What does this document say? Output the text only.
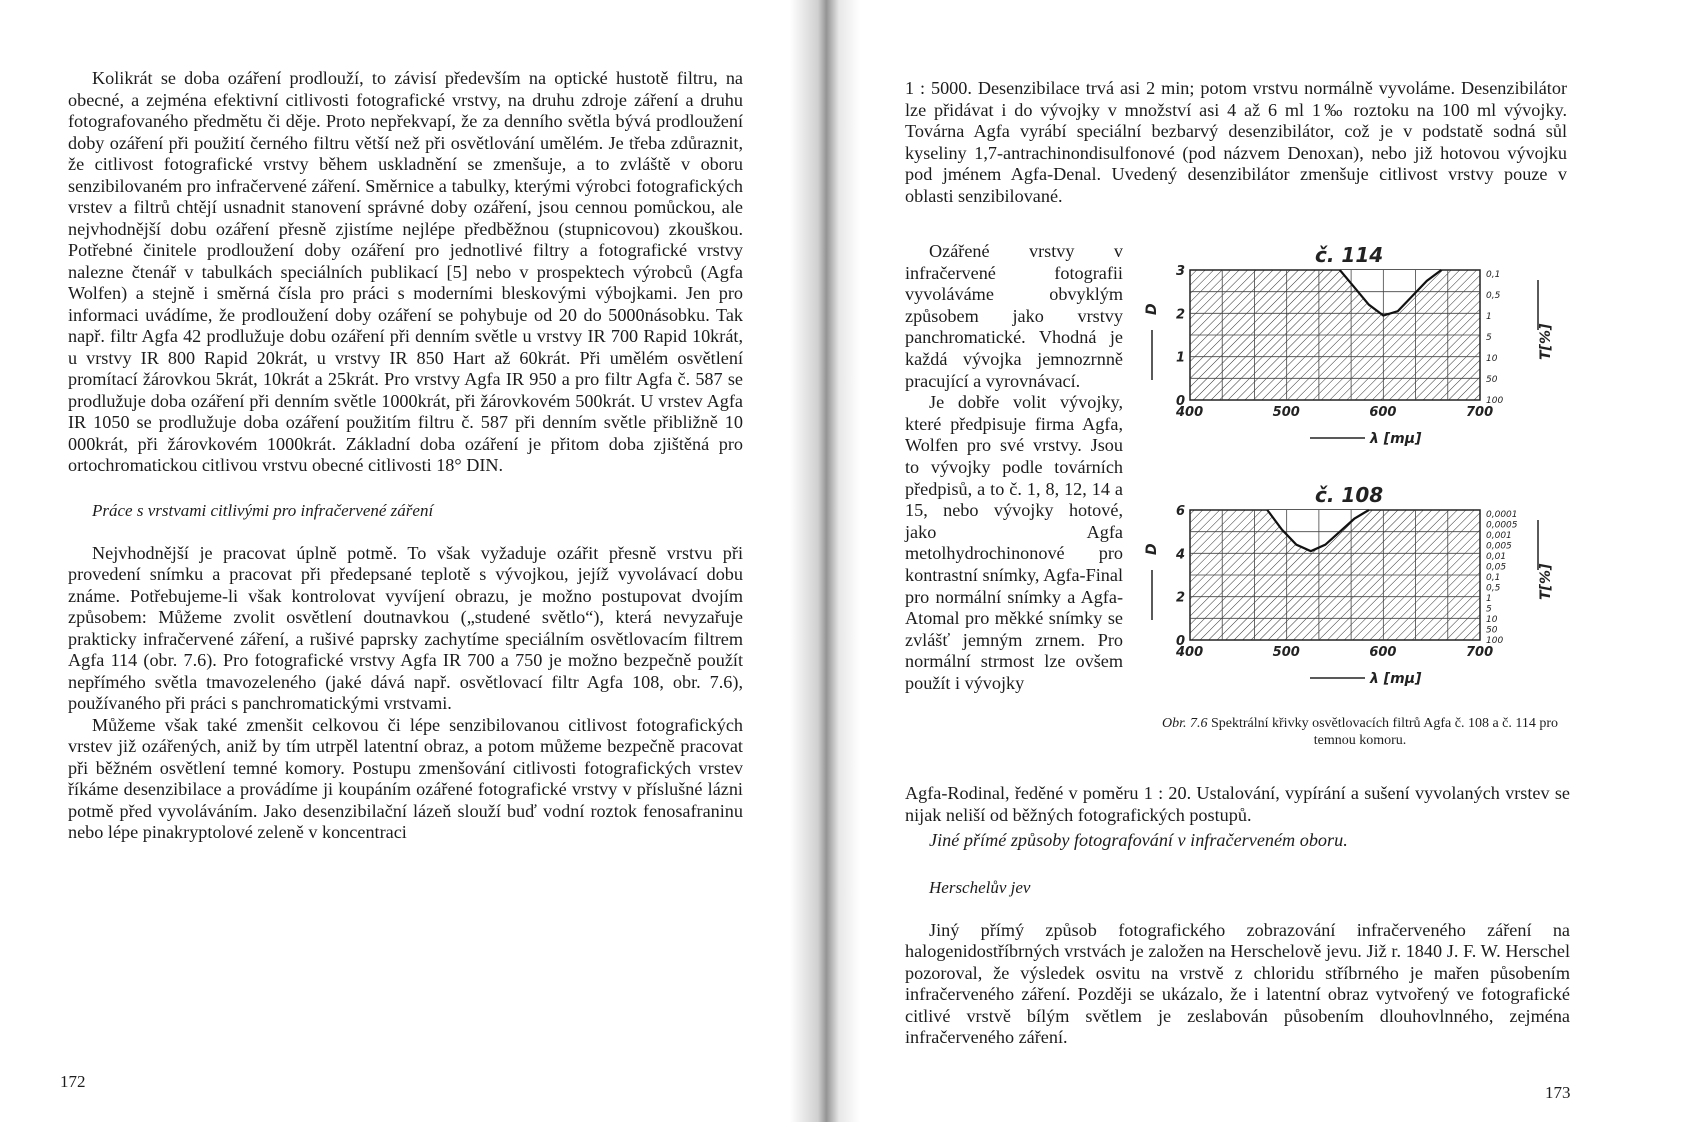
Kolikrát se doba ozáření prodlouží, to závisí především na optické hustotě filtru, na obecné, a zejména efektivní citlivosti fotografické vrstvy, na druhu zdroje záření a druhu fotografovaného předmětu či děje. Proto nepřekvapí, že za denního světla bývá prodloužení doby ozáření při použití černého filtru větší než při osvětlování umělém. Je třeba zdůraznit, že citlivost fotografické vrstvy během uskladnění se zmenšuje, a to zvláště v oboru senzibilovaném pro infračervené záření. Směrnice a tabulky, kterými výrobci fotografických vrstev a filtrů chtějí usnadnit stanovení správné doby ozáření, jsou cennou pomůckou, ale nejvhodnější dobu ozáření přesně zjistíme nejlépe předběžnou (stupnicovou) zkouškou. Potřebné činitele prodloužení doby ozáření pro jednotlivé filtry a fotografické vrstvy nalezne čtenář v tabulkách speciálních publikací [5] nebo v prospektech výrobců (Agfa Wolfen) a stejně i směrná čísla pro práci s moderními bleskovými výbojkami. Jen pro informaci uvádíme, že prodloužení doby ozáření se pohybuje od 20 do 5000násobku. Tak např. filtr Agfa 42 prodlužuje dobu ozáření při denním světle u vrstvy IR 700 Rapid 10krát, u vrstvy IR 800 Rapid 20krát, u vrstvy IR 850 Hart až 60krát. Při umělém osvětlení promítací žárovkou 5krát, 10krát a 25krát. Pro vrstvy Agfa IR 950 a pro filtr Agfa č. 587 se prodlužuje doba ozáření při denním světle 1000krát, při žárovkovém 500krát. U vrstev Agfa IR 1050 se prodlužuje doba ozáření použitím filtru č. 587 při denním světle přibližně 10 000krát, při žárovkovém 1000krát. Základní doba ozáření je přitom doba zjištěná pro ortochromatickou citlivou vrstvu obecné citlivosti 18° DIN.

Práce s vrstvami citlivými pro infračervené záření

Nejvhodnější je pracovat úplně potmě. To však vyžaduje ozářit přesně vrstvu při provedení snímku a pracovat při předepsané teplotě s vývojkou, jejíž vyvolávací dobu známe. Potřebujeme-li však kontrolovat vyvíjení obrazu, je možno postupovat dvojím způsobem: Můžeme zvolit osvětlení doutnavkou („studené světlo“), která nevyzařuje prakticky infračervené záření, a rušivé paprsky zachytíme speciálním osvětlovacím filtrem Agfa 114 (obr. 7.6). Pro fotografické vrstvy Agfa IR 700 a 750 je možno bezpečně použít nepřímého světla tmavozeleného (jaké dává např. osvětlovací filtr Agfa 108, obr. 7.6), používaného při práci s panchromatickými vrstvami.

Můžeme však také zmenšit celkovou či lépe senzibilovanou citlivost fotografických vrstev již ozářených, aniž by tím utrpěl latentní obraz, a potom můžeme bezpečně pracovat při běžném osvětlení temné komory. Postupu zmenšování citlivosti fotografických vrstev říkáme desenzibilace a provádíme ji koupáním ozářené fotografické vrstvy v příslušné lázni potmě před vyvoláváním. Jako desenzibilační lázeň slouží buď vodní roztok fenosafraninu nebo lépe pinakryptolové zeleně v koncentraci

172

1 : 5000. Desenzibilace trvá asi 2 min; potom vrstvu normálně vyvoláme. Desenzibilátor lze přidávat i do vývojky v množství asi 4 až 6 ml 1‰ roztoku na 100 ml vývojky. Továrna Agfa vyrábí speciální bezbarvý desenzibilátor, což je v podstatě sodná sůl kyseliny 1,7-antrachinondisulfonové (pod názvem Denoxan), nebo již hotovou vývojku pod jménem Agfa-Denal. Uvedený desenzibilátor zmenšuje citlivost vrstvy pouze v oblasti senzibilované.

Ozářené vrstvy v infračervené fotografii vyvoláváme obvyklým způsobem jako vrstvy panchromatické. Vhodná je každá vývojka jemnozrnně pracující a vyrovnávací.

Je dobře volit vývojky, které předpisuje firma Agfa, Wolfen pro své vrstvy. Jsou to vývojky podle továrních předpisů, a to č. 1, 8, 12, 14 a 15, nebo vývojky hotové, jako Agfa metolhydrochinonové pro kontrastní snímky, Agfa-Final pro normální snímky a Agfa-Atomal pro měkké snímky se zvlášť jemným zrnem. Pro normální strmost lze ovšem použít i vývojky

č. 114
0
1
2
3
400	500	600	700
0,1
0,5
1
5
10
50
100
D
T[%]
λ [mμ]
č. 108
0
2
4
6
400	500	600	700
0,0001
0,0005
0,001
0,005
0,01
0,05
0,1
0,5
1
5
10
50
100
D
T[%]
λ [mμ]
Obr. 7.6 Spektrální křivky osvětlovacích filtrů Agfa č. 108 a č. 114 pro temnou komoru.

Agfa-Rodinal, ředěné v poměru 1 : 20. Ustalování, vypírání a sušení vyvolaných vrstev se nijak neliší od běžných fotografických postupů.

Jiné přímé způsoby fotografování v infračerveném oboru.

Herschelův jev

Jiný přímý způsob fotografického zobrazování infračerveného záření na halogenidostříbrných vrstvách je založen na Herschelově jevu. Již r. 1840 J. F. W. Herschel pozoroval, že výsledek osvitu na vrstvě z chloridu stříbrného je mařen působením infračerveného záření. Později se ukázalo, že i latentní obraz vytvořený ve fotografické citlivé vrstvě bílým světlem je zeslabován působením dlouhovlnného, zejména infračerveného záření.

173
